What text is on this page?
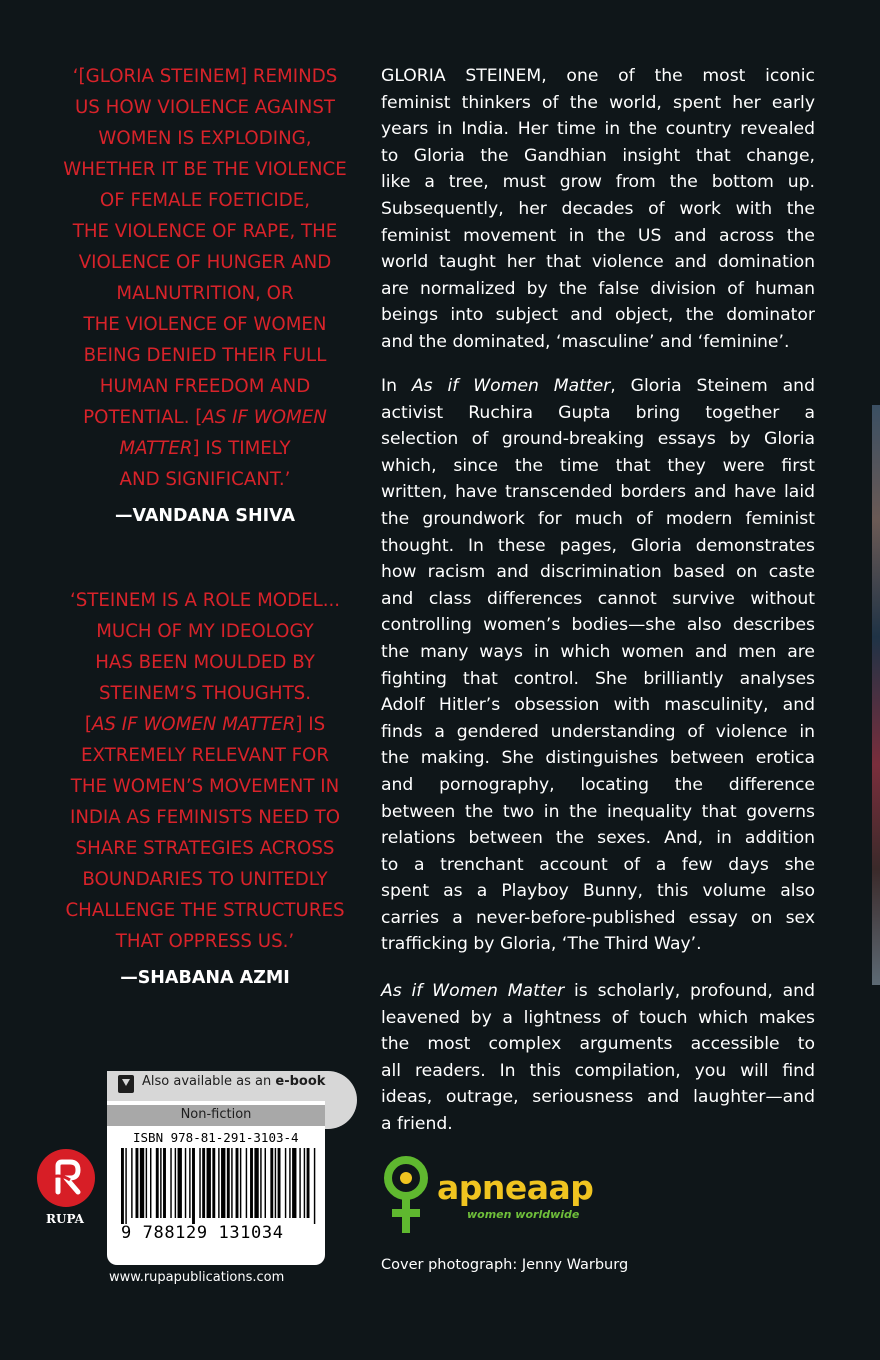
‘[GLORIA STEINEM] REMINDS
US HOW VIOLENCE AGAINST
WOMEN IS EXPLODING,
WHETHER IT BE THE VIOLENCE
OF FEMALE FOETICIDE,
THE VIOLENCE OF RAPE, THE
VIOLENCE OF HUNGER AND
MALNUTRITION, OR
THE VIOLENCE OF WOMEN
BEING DENIED THEIR FULL
HUMAN FREEDOM AND
POTENTIAL. [AS IF WOMEN
MATTER] IS TIMELY
AND SIGNIFICANT.’
—VANDANA SHIVA
‘STEINEM IS A ROLE MODEL...
MUCH OF MY IDEOLOGY
HAS BEEN MOULDED BY
STEINEM’S THOUGHTS.
[AS IF WOMEN MATTER] IS
EXTREMELY RELEVANT FOR
THE WOMEN’S MOVEMENT IN
INDIA AS FEMINISTS NEED TO
SHARE STRATEGIES ACROSS
BOUNDARIES TO UNITEDLY
CHALLENGE THE STRUCTURES
THAT OPPRESS US.’
—SHABANA AZMI
GLORIA STEINEM, one of the most iconic
feminist thinkers of the world, spent her early
years in India. Her time in the country revealed
to Gloria the Gandhian insight that change,
like a tree, must grow from the bottom up.
Subsequently, her decades of work with the
feminist movement in the US and across the
world taught her that violence and domination
are normalized by the false division of human
beings into subject and object, the dominator
and the dominated, ‘masculine’ and ‘feminine’.
In As if Women Matter, Gloria Steinem and
activist Ruchira Gupta bring together a
selection of ground-breaking essays by Gloria
which, since the time that they were first
written, have transcended borders and have laid
the groundwork for much of modern feminist
thought. In these pages, Gloria demonstrates
how racism and discrimination based on caste
and class differences cannot survive without
controlling women’s bodies—she also describes
the many ways in which women and men are
fighting that control. She brilliantly analyses
Adolf Hitler’s obsession with masculinity, and
finds a gendered understanding of violence in
the making. She distinguishes between erotica
and pornography, locating the difference
between the two in the inequality that governs
relations between the sexes. And, in addition
to a trenchant account of a few days she
spent as a Playboy Bunny, this volume also
carries a never-before-published essay on sex
trafficking by Gloria, ‘The Third Way’.
As if Women Matter is scholarly, profound, and
leavened by a lightness of touch which makes
the most complex arguments accessible to
all readers. In this compilation, you will find
ideas, outrage, seriousness and laughter—and
a friend.
Also available as an e-book
Non-fiction
ISBN 978-81-291-3103-4
9 788129 131034
RUPA
www.rupapublications.com
apneaap
women worldwide
Cover photograph: Jenny Warburg
